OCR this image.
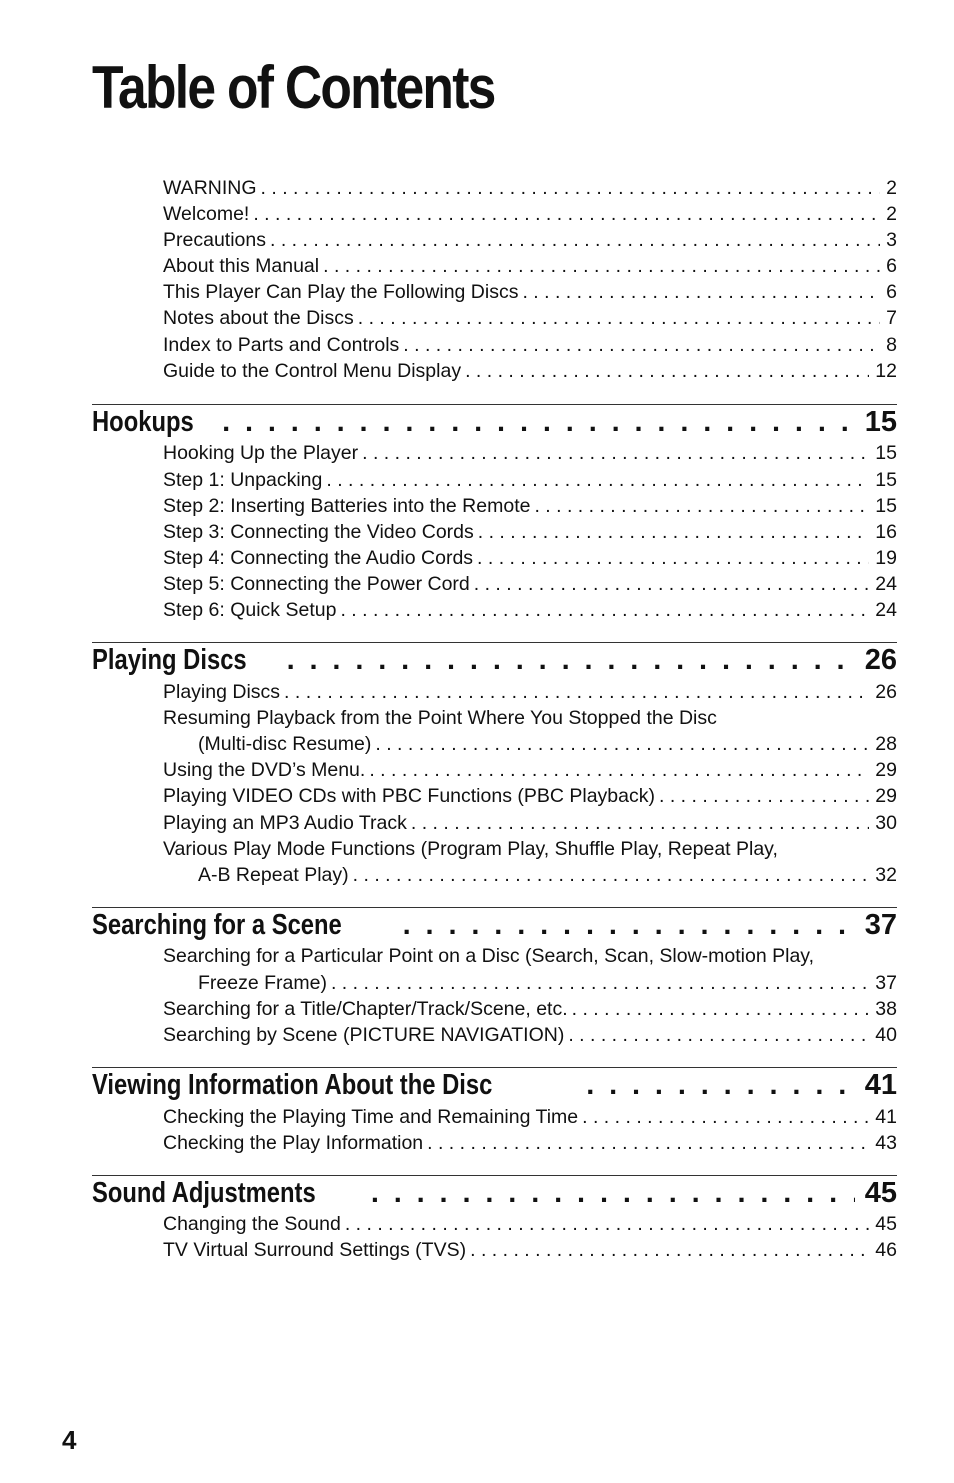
Table of Contents
WARNING . . .	2
Welcome! . . .	2
Precautions . . .	3
About this Manual . . .	6
This Player Can Play the Following Discs . . .	6
Notes about the Discs . . .	7
Index to Parts and Controls . . .	8
Guide to the Control Menu Display . . .	12
Hookups . . .	15
Hooking Up the Player . . .	15
Step 1: Unpacking . . .	15
Step 2: Inserting Batteries into the Remote . . .	15
Step 3: Connecting the Video Cords . . .	16
Step 4: Connecting the Audio Cords . . .	19
Step 5: Connecting the Power Cord . . .	24
Step 6: Quick Setup . . .	24
Playing Discs . . .	26
Playing Discs . . .	26
Resuming Playback from the Point Where You Stopped the Disc
(Multi-disc Resume) . . .	28
Using the DVD’s Menu. . . .	29
Playing VIDEO CDs with PBC Functions (PBC Playback) . . .	29
Playing an MP3 Audio Track . . .	30
Various Play Mode Functions (Program Play, Shuffle Play, Repeat Play,
A-B Repeat Play) . . .	32
Searching for a Scene . . .	37
Searching for a Particular Point on a Disc (Search, Scan, Slow-motion Play,
Freeze Frame) . . .	37
Searching for a Title/Chapter/Track/Scene, etc. . . .	38
Searching by Scene (PICTURE NAVIGATION) . . .	40
Viewing Information About the Disc . . .	41
Checking the Playing Time and Remaining Time . . .	41
Checking the Play Information . . .	43
Sound Adjustments . . .	45
Changing the Sound . . .	45
TV Virtual Surround Settings (TVS) . . .	46
4
